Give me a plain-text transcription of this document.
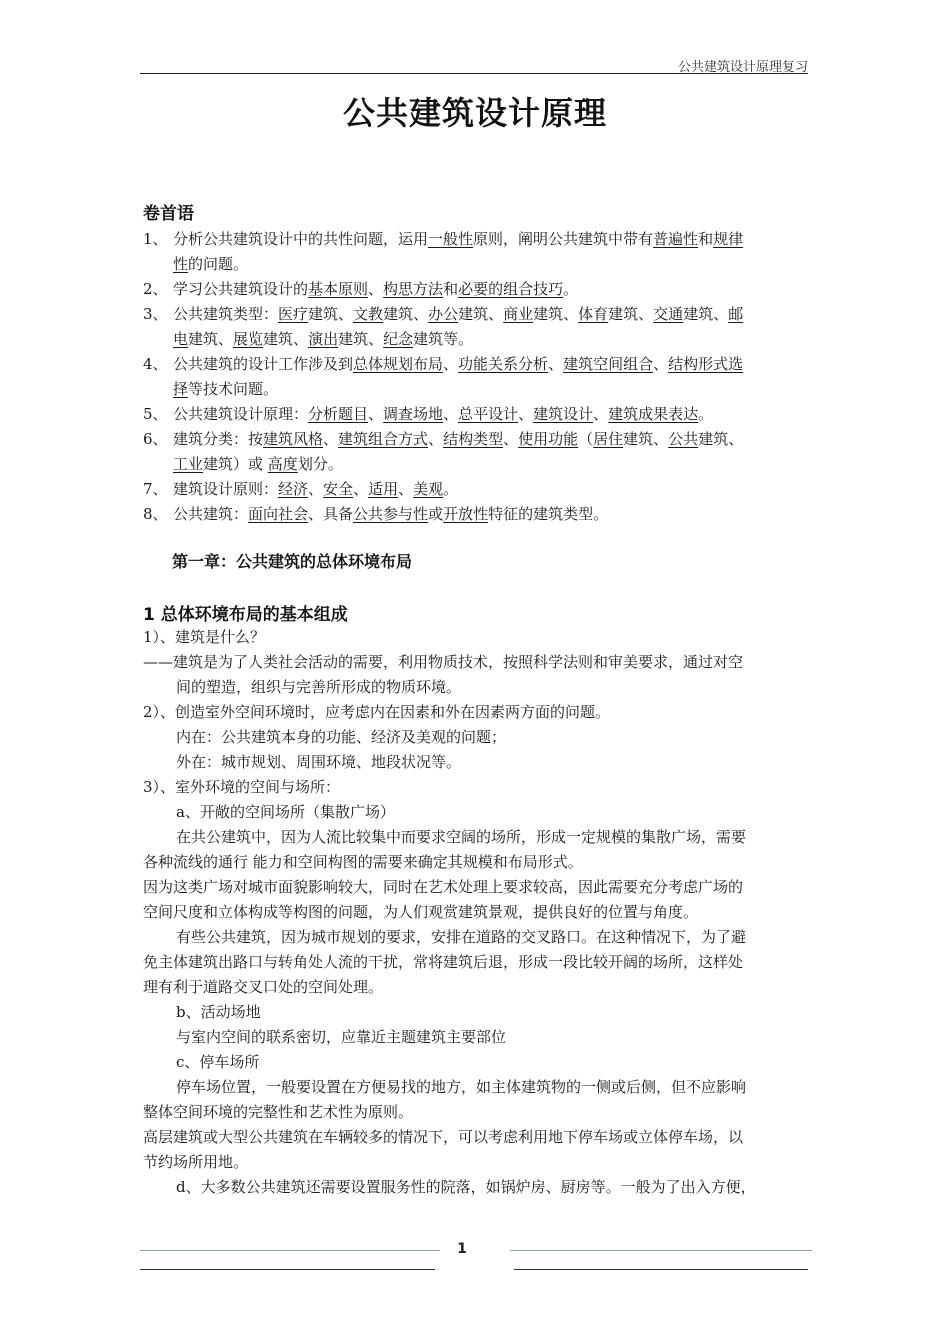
公共建筑设计原理复习
公共建筑设计原理
卷首语
1、 分析公共建筑设计中的共性问题，运用一般性原则，阐明公共建筑中带有普遍性和规律
性的问题。
2、 学习公共建筑设计的基本原则、构思方法和必要的组合技巧。
3、 公共建筑类型：医疗建筑、文教建筑、办公建筑、商业建筑、体育建筑、交通建筑、邮
电建筑、展览建筑、演出建筑、纪念建筑等。
4、 公共建筑的设计工作涉及到总体规划布局、功能关系分析、建筑空间组合、结构形式选
择等技术问题。
5、 公共建筑设计原理：分析题目、调查场地、总平设计、建筑设计、建筑成果表达。
6、 建筑分类：按建筑风格、建筑组合方式、结构类型、使用功能（居住建筑、公共建筑、
工业建筑）或 高度划分。
7、 建筑设计原则：经济、安全、适用、美观。
8、 公共建筑：面向社会、具备公共参与性或开放性特征的建筑类型。
第一章：公共建筑的总体环境布局
1 总体环境布局的基本组成
1）、建筑是什么？
——建筑是为了人类社会活动的需要，利用物质技术，按照科学法则和审美要求，通过对空
间的塑造，组织与完善所形成的物质环境。
2）、创造室外空间环境时，应考虑内在因素和外在因素两方面的问题。
内在：公共建筑本身的功能、经济及美观的问题；
外在：城市规划、周围环境、地段状况等。
3）、室外环境的空间与场所：
a、开敞的空间场所（集散广场）
在共公建筑中，因为人流比较集中而要求空阔的场所，形成一定规模的集散广场，需要
各种流线的通行 能力和空间构图的需要来确定其规模和布局形式。
因为这类广场对城市面貌影响较大，同时在艺术处理上要求较高，因此需要充分考虑广场的
空间尺度和立体构成等构图的问题，为人们观赏建筑景观，提供良好的位置与角度。
有些公共建筑，因为城市规划的要求，安排在道路的交叉路口。在这种情况下，为了避
免主体建筑出路口与转角处人流的干扰，常将建筑后退，形成一段比较开阔的场所，这样处
理有利于道路交叉口处的空间处理。
b、活动场地
与室内空间的联系密切，应靠近主题建筑主要部位
c、停车场所
停车场位置，一般要设置在方便易找的地方，如主体建筑物的一侧或后侧，但不应影响
整体空间环境的完整性和艺术性为原则。
高层建筑或大型公共建筑在车辆较多的情况下，可以考虑利用地下停车场或立体停车场，以
节约场所用地。
d、大多数公共建筑还需要设置服务性的院落，如锅炉房、厨房等。一般为了出入方便，
1
